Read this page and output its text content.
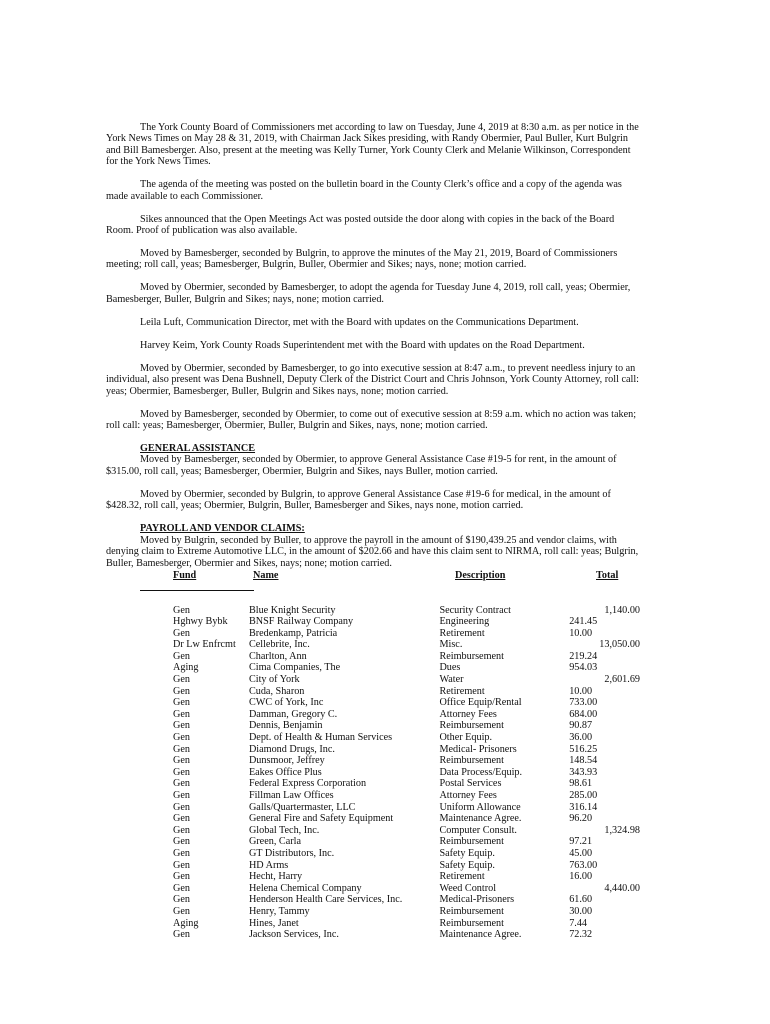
The York County Board of Commissioners met according to law on Tuesday, June 4, 2019 at 8:30 a.m. as per notice in the York News Times on May 28 & 31, 2019, with Chairman Jack Sikes presiding, with Randy Obermier, Paul Buller, Kurt Bulgrin and Bill Bamesberger. Also, present at the meeting was Kelly Turner, York County Clerk and Melanie Wilkinson, Correspondent for the York News Times.

The agenda of the meeting was posted on the bulletin board in the County Clerk’s office and a copy of the agenda was made available to each Commissioner.

Sikes announced that the Open Meetings Act was posted outside the door along with copies in the back of the Board Room. Proof of publication was also available.

Moved by Bamesberger, seconded by Bulgrin, to approve the minutes of the May 21, 2019, Board of Commissioners meeting; roll call, yeas; Bamesberger, Bulgrin, Buller, Obermier and Sikes; nays, none; motion carried.

Moved by Obermier, seconded by Bamesberger, to adopt the agenda for Tuesday June 4, 2019, roll call, yeas; Obermier, Bamesberger, Buller, Bulgrin and Sikes; nays, none; motion carried.

Leila Luft, Communication Director, met with the Board with updates on the Communications Department.

Harvey Keim, York County Roads Superintendent met with the Board with updates on the Road Department.

Moved by Obermier, seconded by Bamesberger, to go into executive session at 8:47 a.m., to prevent needless injury to an individual, also present was Dena Bushnell, Deputy Clerk of the District Court and Chris Johnson, York County Attorney, roll call: yeas; Obermier, Bamesberger, Buller, Bulgrin and Sikes nays, none; motion carried.

Moved by Bamesberger, seconded by Obermier, to come out of executive session at 8:59 a.m. which no action was taken; roll call: yeas; Bamesberger, Obermier, Buller, Bulgrin and Sikes, nays, none; motion carried.

GENERAL ASSISTANCE

Moved by Bamesberger, seconded by Obermier, to approve General Assistance Case #19-5 for rent, in the amount of $315.00, roll call, yeas; Bamesberger, Obermier, Bulgrin and Sikes, nays Buller, motion carried.

Moved by Obermier, seconded by Bulgrin, to approve General Assistance Case #19-6 for medical, in the amount of $428.32, roll call, yeas; Obermier, Bulgrin, Buller, Bamesberger and Sikes, nays none, motion carried.

PAYROLL AND VENDOR CLAIMS:

Moved by Bulgrin, seconded by Buller, to approve the payroll in the amount of $190,439.25 and vendor claims, with denying claim to Extreme Automotive LLC, in the amount of $202.66 and have this claim sent to NIRMA, roll call: yeas; Bulgrin, Buller, Bamesberger, Obermier and Sikes, nays; none; motion carried.

Fund	Name	Description	Total
Gen	Blue Knight Security	Security Contract	1,140.00
Hghwy Bybk	BNSF Railway Company	Engineering	241.45
Gen	Bredenkamp, Patricia	Retirement	10.00
Dr Lw Enfrcmt	Cellebrite, Inc.	Misc.	13,050.00
Gen	Charlton, Ann	Reimbursement	219.24
Aging	Cima Companies, The	Dues	954.03
Gen	City of York	Water	2,601.69
Gen	Cuda, Sharon	Retirement	10.00
Gen	CWC of York, Inc	Office Equip/Rental	733.00
Gen	Damman, Gregory C.	Attorney Fees	684.00
Gen	Dennis, Benjamin	Reimbursement	90.87
Gen	Dept. of Health & Human Services	Other Equip.	36.00
Gen	Diamond Drugs, Inc.	Medical- Prisoners	516.25
Gen	Dunsmoor, Jeffrey	Reimbursement	148.54
Gen	Eakes Office Plus	Data Process/Equip.	343.93
Gen	Federal Express Corporation	Postal Services	98.61
Gen	Fillman Law Offices	Attorney Fees	285.00
Gen	Galls/Quartermaster, LLC	Uniform Allowance	316.14
Gen	General Fire and Safety Equipment	Maintenance Agree.	96.20
Gen	Global Tech, Inc.	Computer Consult.	1,324.98
Gen	Green, Carla	Reimbursement	97.21
Gen	GT Distributors, Inc.	Safety Equip.	45.00
Gen	HD Arms	Safety Equip.	763.00
Gen	Hecht, Harry	Retirement	16.00
Gen	Helena Chemical Company	Weed Control	4,440.00
Gen	Henderson Health Care Services, Inc.	Medical-Prisoners	61.60
Gen	Henry, Tammy	Reimbursement	30.00
Aging	Hines, Janet	Reimbursement	7.44
Gen	Jackson Services, Inc.	Maintenance Agree.	72.32
